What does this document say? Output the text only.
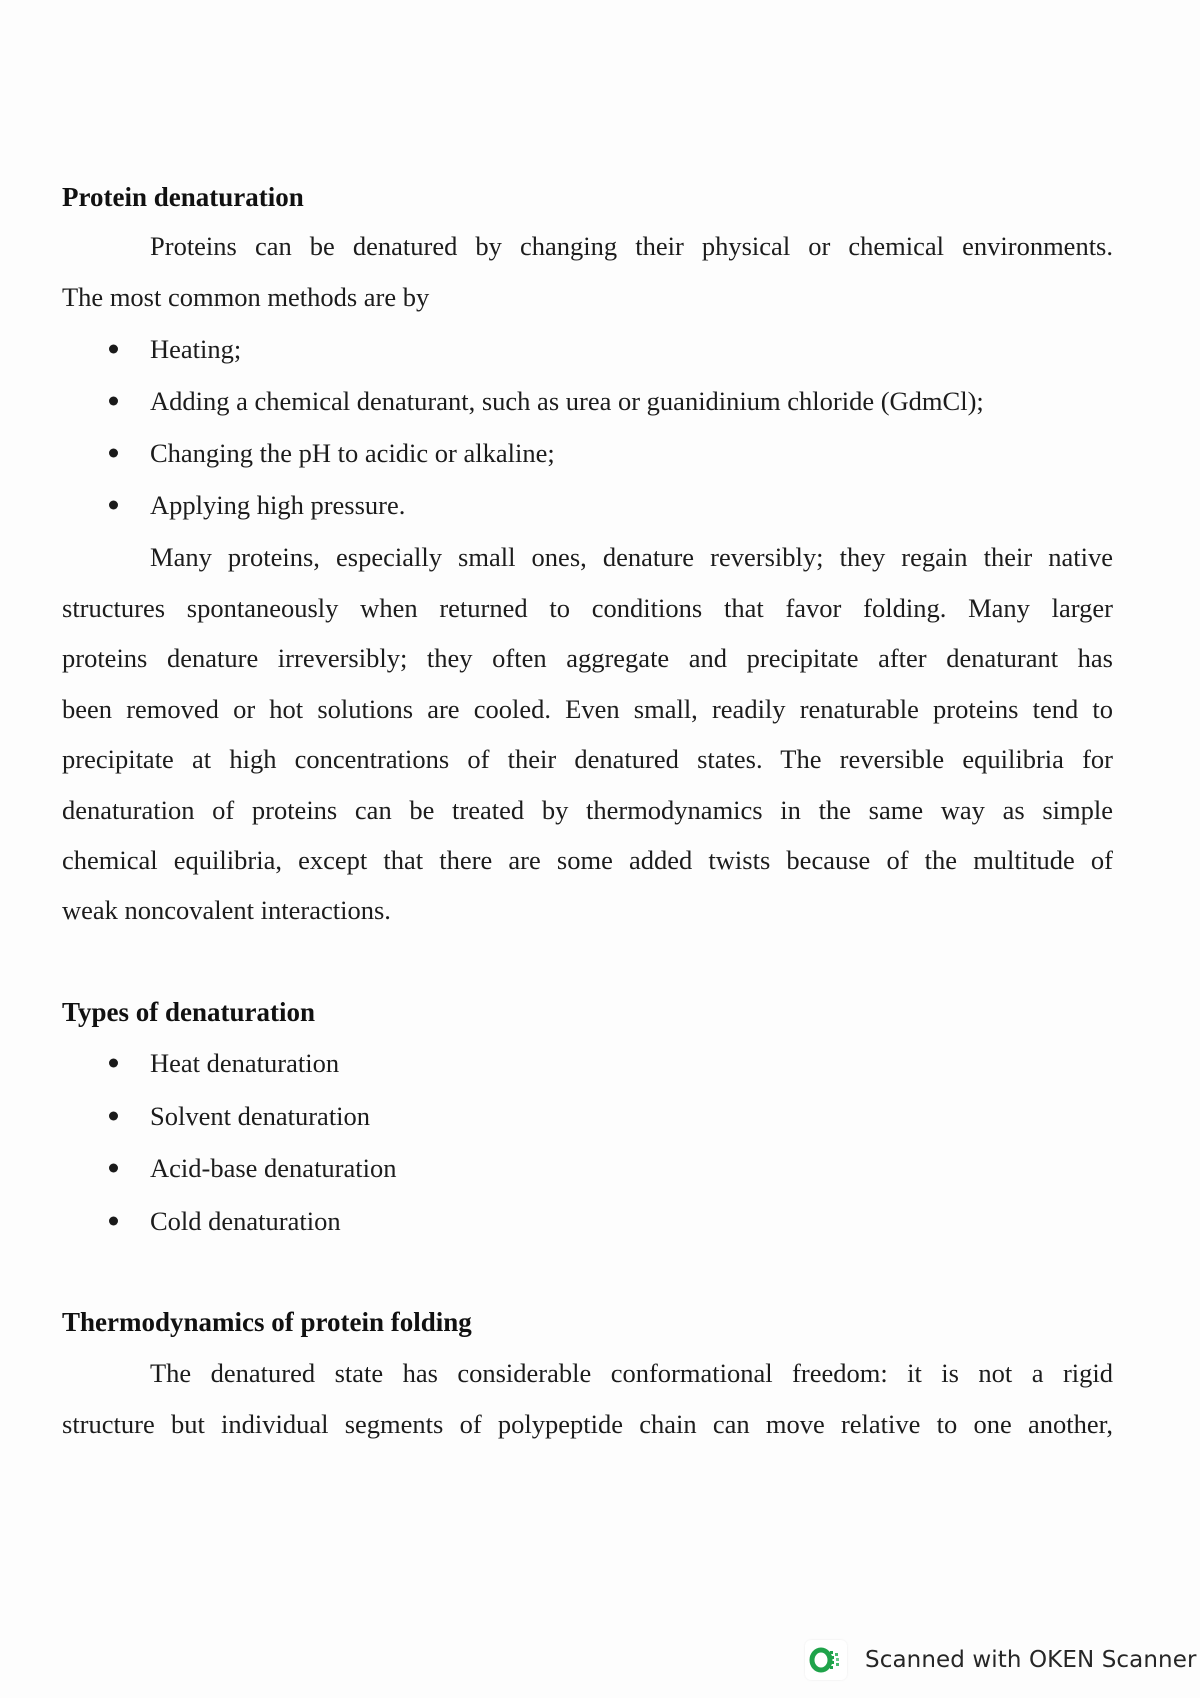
Protein denaturation
Proteins can be denatured by changing their physical or chemical environments.
The most common methods are by
Heating;
Adding a chemical denaturant, such as urea or guanidinium chloride (GdmCl);
Changing the pH to acidic or alkaline;
Applying high pressure.
Many proteins, especially small ones, denature reversibly; they regain their native
structures spontaneously when returned to conditions that favor folding. Many larger
proteins denature irreversibly; they often aggregate and precipitate after denaturant has
been removed or hot solutions are cooled. Even small, readily renaturable proteins tend to
precipitate at high concentrations of their denatured states. The reversible equilibria for
denaturation of proteins can be treated by thermodynamics in the same way as simple
chemical equilibria, except that there are some added twists because of the multitude of
weak noncovalent interactions.
Types of denaturation
Heat denaturation
Solvent denaturation
Acid-base denaturation
Cold denaturation
Thermodynamics of protein folding
The denatured state has considerable conformational freedom: it is not a rigid
structure but individual segments of polypeptide chain can move relative to one another,
Scanned with OKEN Scanner
